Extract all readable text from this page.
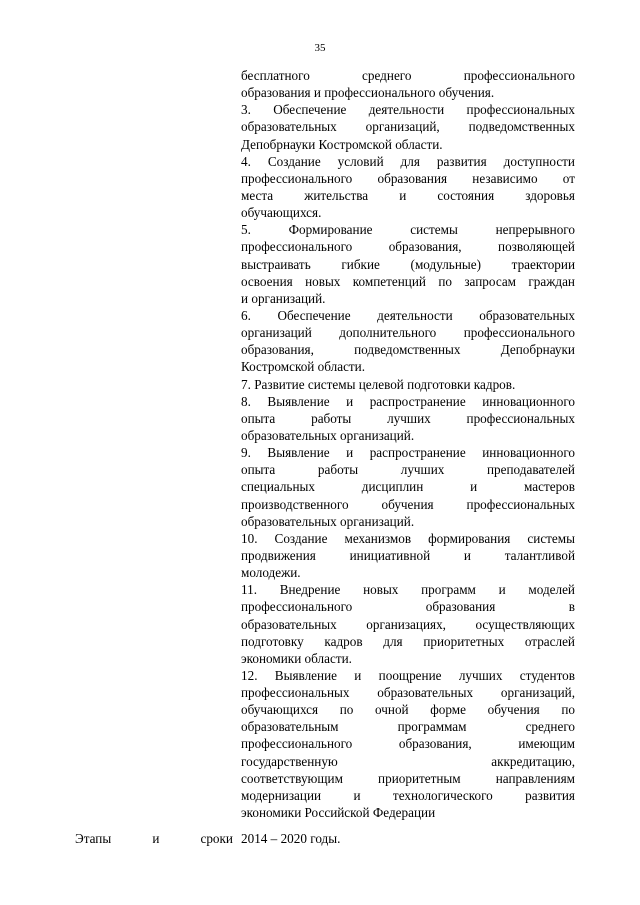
35
бесплатного среднего профессионального
образования и профессионального обучения.
3. Обеспечение деятельности профессиональных
образовательных организаций, подведомственных
Депобрнауки Костромской области.
4. Создание условий для развития доступности
профессионального образования независимо от
места жительства и состояния здоровья
обучающихся.
5. Формирование системы непрерывного
профессионального образования, позволяющей
выстраивать гибкие (модульные) траектории
освоения новых компетенций по запросам граждан
и организаций.
6. Обеспечение деятельности образовательных
организаций дополнительного профессионального
образования, подведомственных Депобрнауки
Костромской области.
7. Развитие системы целевой подготовки кадров.
8. Выявление и распространение инновационного
опыта работы лучших профессиональных
образовательных организаций.
9. Выявление и распространение инновационного
опыта работы лучших преподавателей
специальных дисциплин и мастеров
производственного обучения профессиональных
образовательных организаций.
10. Создание механизмов формирования системы
продвижения инициативной и талантливой
молодежи.
11. Внедрение новых программ и моделей
профессионального образования в
образовательных организациях, осуществляющих
подготовку кадров для приоритетных отраслей
экономики области.
12. Выявление и поощрение лучших студентов
профессиональных образовательных организаций,
обучающихся по очной форме обучения по
образовательным программам среднего
профессионального образования, имеющим
государственную аккредитацию,
соответствующим приоритетным направлениям
модернизации и технологического развития
экономики Российской Федерации
Этапы и сроки 2014 – 2020 годы.
